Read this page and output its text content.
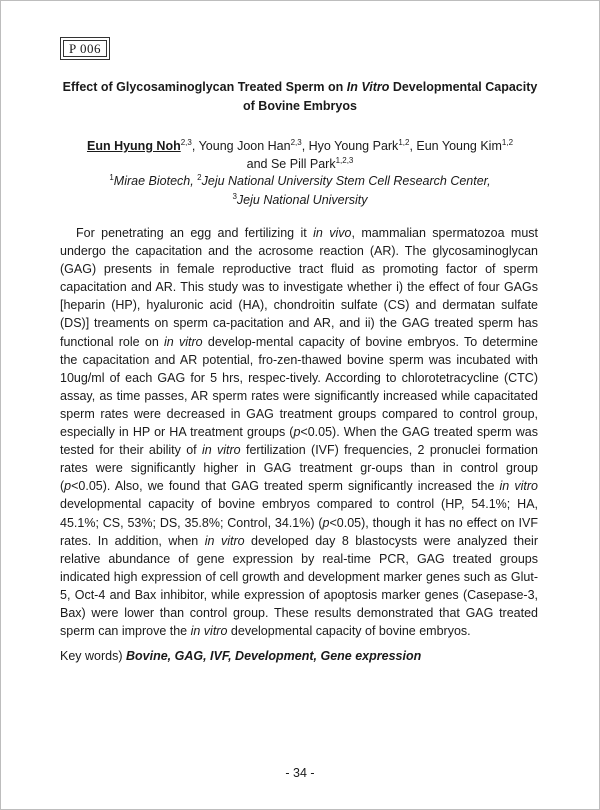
P 006
Effect of Glycosaminoglycan Treated Sperm on In Vitro Developmental Capacity
of Bovine Embryos
Eun Hyung Noh$^{2,3}$, Young Joon Han$^{2,3}$, Hyo Young Park$^{1,2}$, Eun Young Kim$^{1,2}$
and Se Pill Park$^{1,2,3}$
$^1$Mirae Biotech, $^2$Jeju National University Stem Cell Research Center,
$^3$Jeju National University

For penetrating an egg and fertilizing it in vivo, mammalian spermatozoa must undergo the capacitation and the acrosome reaction (AR). The glycosaminoglycan (GAG) presents in female reproductive tract fluid as promoting factor of sperm capacitation and AR. This study was to investigate whether i) the effect of four GAGs [heparin (HP), hyaluronic acid (HA), chondroitin sulfate (CS) and dermatan sulfate (DS)] treaments on sperm ca-pacitation and AR, and ii) the GAG treated sperm has functional role on in vitro develop-mental capacity of bovine embryos. To determine the capacitation and AR potential, fro-zen-thawed bovine sperm was incubated with 10ug/ml of each GAG for 5 hrs, respec-tively. According to chlorotetracycline (CTC) assay, as time passes, AR sperm rates were significantly increased while capacitated sperm rates were decreased in GAG treatment groups compared to control group, especially in HP or HA treatment groups (p<0.05). When the GAG treated sperm was tested for their ability of in vitro fertilization (IVF) frequencies, 2 pronuclei formation rates were significantly higher in GAG treatment gr-oups than in control group (p<0.05). Also, we found that GAG treated sperm significantly increased the in vitro developmental capacity of bovine embryos compared to control (HP, 54.1%; HA, 45.1%; CS, 53%; DS, 35.8%; Control, 34.1%) (p<0.05), though it has no effect on IVF rates. In addition, when in vitro developed day 8 blastocysts were analyzed their relative abundance of gene expression by real-time PCR, GAG treated groups indicated high expression of cell growth and development marker genes such as Glut-5, Oct-4 and Bax inhibitor, while expression of apoptosis marker genes (Casepase-3, Bax) were lower than control group. These results demonstrated that GAG treated sperm can improve the in vitro developmental capacity of bovine embryos.

Key words) Bovine, GAG, IVF, Development, Gene expression
- 34 -
